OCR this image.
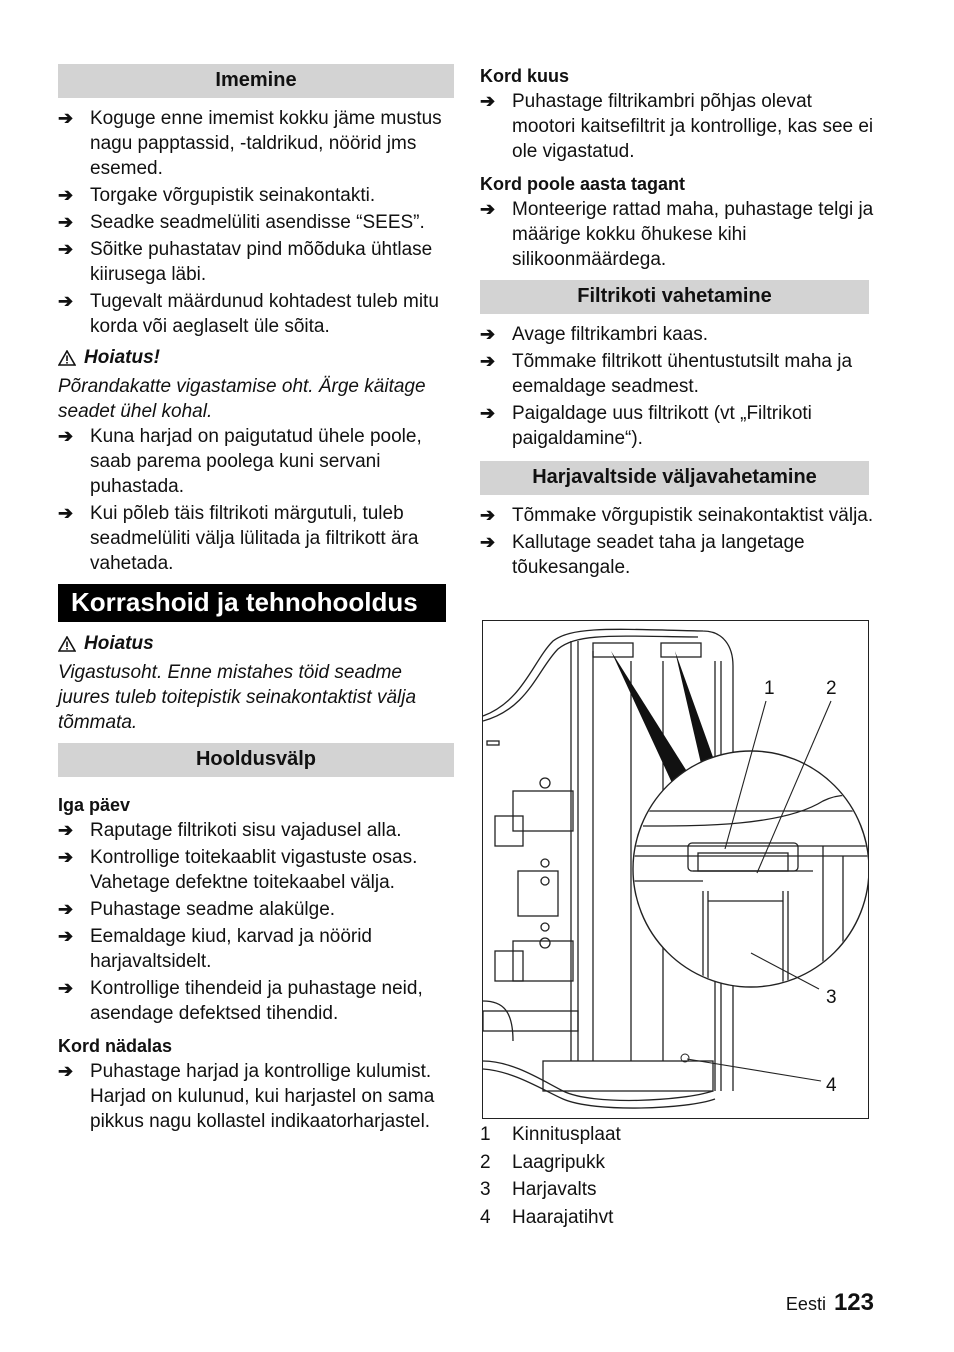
Imemine
➔ Koguge enne imemist kokku jäme mustus nagu papptassid, -taldrikud, nöörid jms esemed.
➔ Torgake võrgupistik seinakontakti.
➔ Seadke seadmelüliti asendisse “SEES”.
➔ Sõitke puhastatav pind mõõduka ühtlase kiirusega läbi.
➔ Tugevalt määrdunud kohtadest tuleb mitu korda või aeglaselt üle sõita.
Hoiatus!
Põrandakatte vigastamise oht. Ärge käitage seadet ühel kohal.
➔ Kuna harjad on paigutatud ühele poole, saab parema poolega kuni servani puhastada.
➔ Kui põleb täis filtrikoti märgutuli, tuleb seadmelüliti välja lülitada ja filtrikott ära vahetada.
Korrashoid ja tehnohooldus
Hoiatus
Vigastusoht. Enne mistahes töid seadme juures tuleb toitepistik seinakontaktist välja tõmmata.
Hooldusvälp
Iga päev
➔ Raputage filtrikoti sisu vajadusel alla.
➔ Kontrollige toitekaablit vigastuste osas. Vahetage defektne toitekaabel välja.
➔ Puhastage seadme alakülge.
➔ Eemaldage kiud, karvad ja nöörid harjavaltsidelt.
➔ Kontrollige tihendeid ja puhastage neid, asendage defektsed tihendid.
Kord nädalas
➔ Puhastage harjad ja kontrollige kulumist. Harjad on kulunud, kui harjastel on sama pikkus nagu kollastel indikaatorharjastel.
Kord kuus
➔ Puhastage filtrikambri põhjas olevat mootori kaitsefiltrit ja kontrollige, kas see ei ole vigastatud.
Kord poole aasta tagant
➔ Monteerige rattad maha, puhastage telgi ja määrige kokku õhukese kihi silikoonmäärdega.
Filtrikoti vahetamine
➔ Avage filtrikambri kaas.
➔ Tõmmake filtrikott ühentustutsilt maha ja eemaldage seadmest.
➔ Paigaldage uus filtrikott (vt „Filtrikoti paigaldamine“).
Harjavaltside väljavahetamine
➔ Tõmmake võrgupistik seinakontaktist välja.
➔ Kallutage seadet taha ja langetage tõukesangale.
1	2
3
4
1	Kinnitusplaat
2	Laagripukk
3	Harjavalts
4	Haarajatihvt
Eesti 123
